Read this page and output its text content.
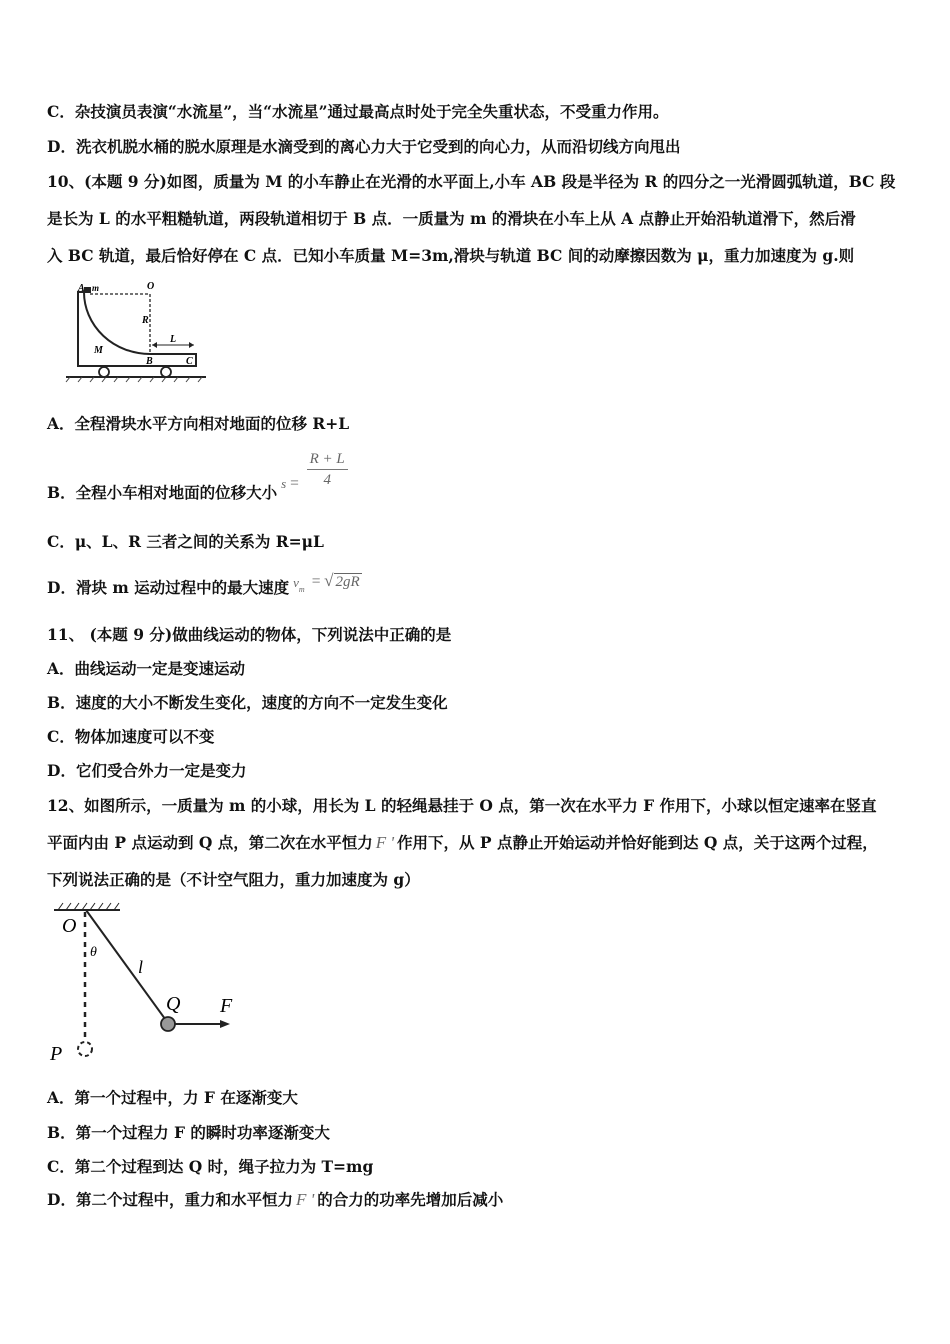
C．杂技演员表演“水流星”，当“水流星”通过最高点时处于完全失重状态，不受重力作用。
D．洗衣机脱水桶的脱水原理是水滴受到的离心力大于它受到的向心力，从而沿切线方向甩出
10、(本题 9 分)如图，质量为 M 的小车静止在光滑的水平面上,小车 AB 段是半径为 R 的四分之一光滑圆弧轨道，BC 段
是长为 L 的水平粗糙轨道，两段轨道相切于 B 点．一质量为 m 的滑块在小车上从 A 点静止开始沿轨道滑下，然后滑
入 BC 轨道，最后恰好停在 C 点．已知小车质量 M=3m,滑块与轨道 BC 间的动摩擦因数为 μ，重力加速度为 g.则
A m	O
R
L
M
B	C
A．全程滑块水平方向相对地面的位移 R+L
B．全程小车相对地面的位移大小 $_s = \frac{R + L}{4}$
C．μ、L、R 三者之间的关系为 R=μL
D．滑块 m 运动过程中的最大速度 $_{vm}$ = √ 2gR
11、 (本题 9 分)做曲线运动的物体，下列说法中正确的是
A．曲线运动一定是变速运动
B．速度的大小不断发生变化，速度的方向不一定发生变化
C．物体加速度可以不变
D．它们受合外力一定是变力
12、如图所示，一质量为 m 的小球，用长为 L 的轻绳悬挂于 O 点，第一次在水平力 F 作用下，小球以恒定速率在竖直
平面内由 P 点运动到 Q 点，第二次在水平恒力 F ' 作用下，从 P 点静止开始运动并恰好能到达 Q 点，关于这两个过程，
下列说法正确的是（不计空气阻力，重力加速度为 g）
O
θ
l
Q F
P
A．第一个过程中，力 F 在逐渐变大
B．第一个过程力 F 的瞬时功率逐渐变大
C．第二个过程到达 Q 时，绳子拉力为 T=mg
D．第二个过程中，重力和水平恒力 F ' 的合力的功率先增加后减小
